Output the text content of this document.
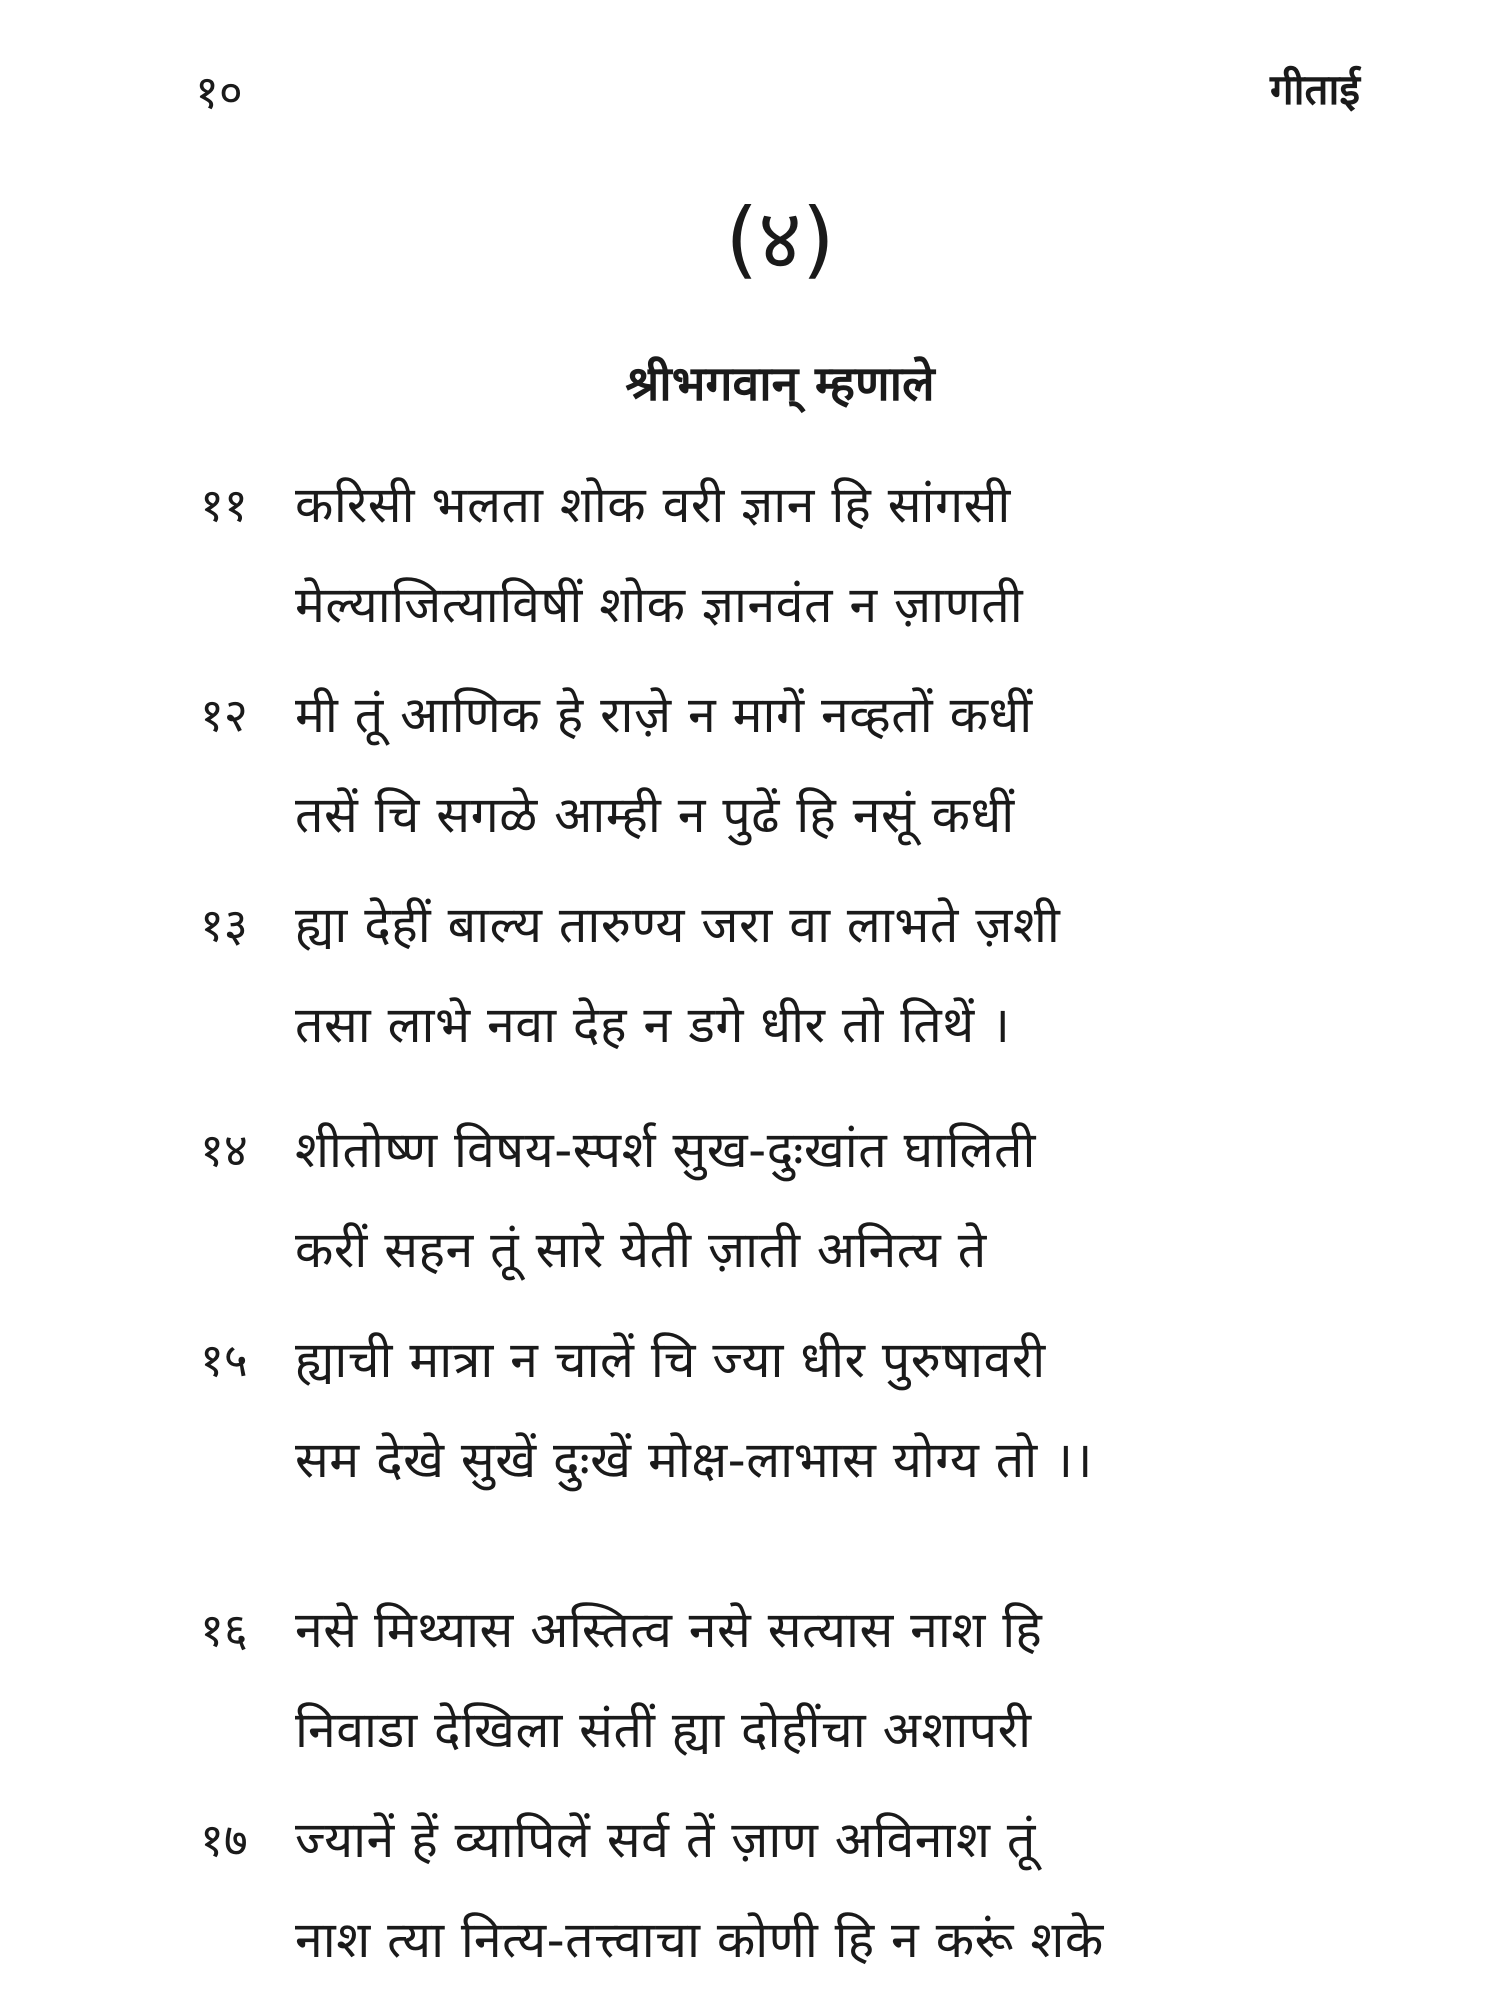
१०	गीताई
(४)
श्रीभगवान् म्हणाले
११ करिसी भलता शोक वरी ज्ञान हि सांगसी
मेल्याजित्याविषीं शोक ज्ञानवंत न ज़ाणती
१२ मी तूं आणिक हे राज़े न मागें नव्हतों कधीं
तसें चि सगळे आम्ही न पुढें हि नसूं कधीं
१३ ह्या देहीं बाल्य तारुण्य जरा वा लाभते ज़शी
तसा लाभे नवा देह न डगे धीर तो तिथें ।
१४ शीतोष्ण विषय-स्पर्श सुख-दुःखांत घालिती
करीं सहन तूं सारे येती ज़ाती अनित्य ते
१५ ह्याची मात्रा न चालें चि ज्या धीर पुरुषावरी
सम देखे सुखें दुःखें मोक्ष-लाभास योग्य तो ।।
१६ नसे मिथ्यास अस्तित्व नसे सत्यास नाश हि
निवाडा देखिला संतीं ह्या दोहींचा अशापरी
१७ ज्यानें हें व्यापिलें सर्व तें ज़ाण अविनाश तूं
नाश त्या नित्य-तत्त्वाचा कोणी हि न करूं शके
